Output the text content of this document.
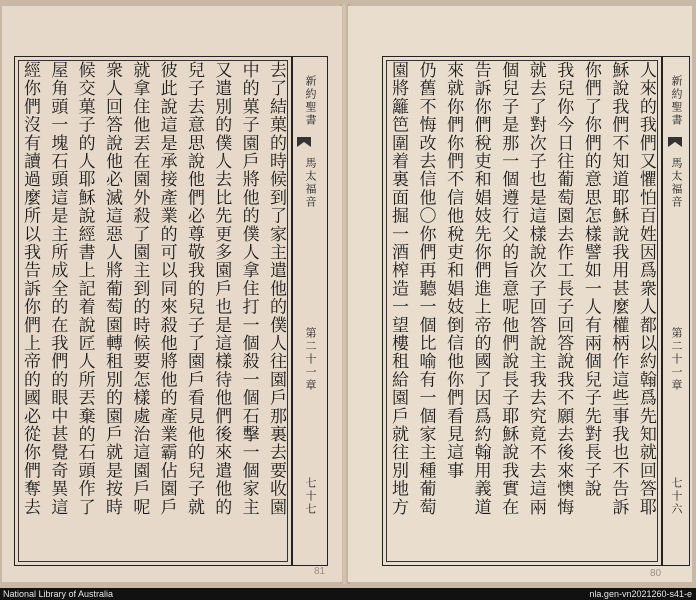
去了結菓的時候到了家主遣他的僕人往園戶那裏去要收園
中的菓子園戶將他的僕人拿住打一個殺一個石擊一個家主
又遣別的僕人去比先更多園戶也是這樣待他們後來遣他的
兒子去意思說他們必尊敬我的兒子了園戶看見他的兒子就
彼此說這是承接產業的可以同來殺他將他的產業霸佔園戶
就拿住他丟在園外殺了園主到的時候要怎樣處治這園戶呢
衆人回答說他必滅這惡人將葡萄園轉租別的園戶就是按時
候交菓子的人耶穌說經書上記着說匠人所丟棄的石頭作了
屋角頭一塊石頭這是主所成全的在我們的眼中甚覺奇異這
經你們沒有讀過麼所以我告訴你們上帝的國必從你們奪去	新約聖書
馬太福音
第二十一章
七十七
81
人來的我們又懼怕百姓因爲衆人都以約翰爲先知就回答耶
穌說我們不知道耶穌說我用甚麼權柄作這些事我也不告訴
你們了你們的意思怎樣譬如一人有兩個兒子先對長子說
我兒你今日往葡萄園去作工長子回答說我不願去後來懊悔
就去了對次子也是這樣說次子回答說主我去究竟不去這兩
個兒子是那一個遵行父的旨意呢他們說長子耶穌說我實在
告訴你們稅吏和娼妓先你們進上帝的國了因爲約翰用義道
來就你們你們不信他稅吏和娼妓倒信他你們看見這事
仍舊不悔改去信他〇你們再聽一個比喻有一個家主種葡萄
園將籬笆圍着裏面掘一酒榨造一望樓租給園戶就往別地方	新約聖書
馬太福音
第二十一章
七十六
80
National Library of Australia	nla.gen-vn2021260-s41-e
